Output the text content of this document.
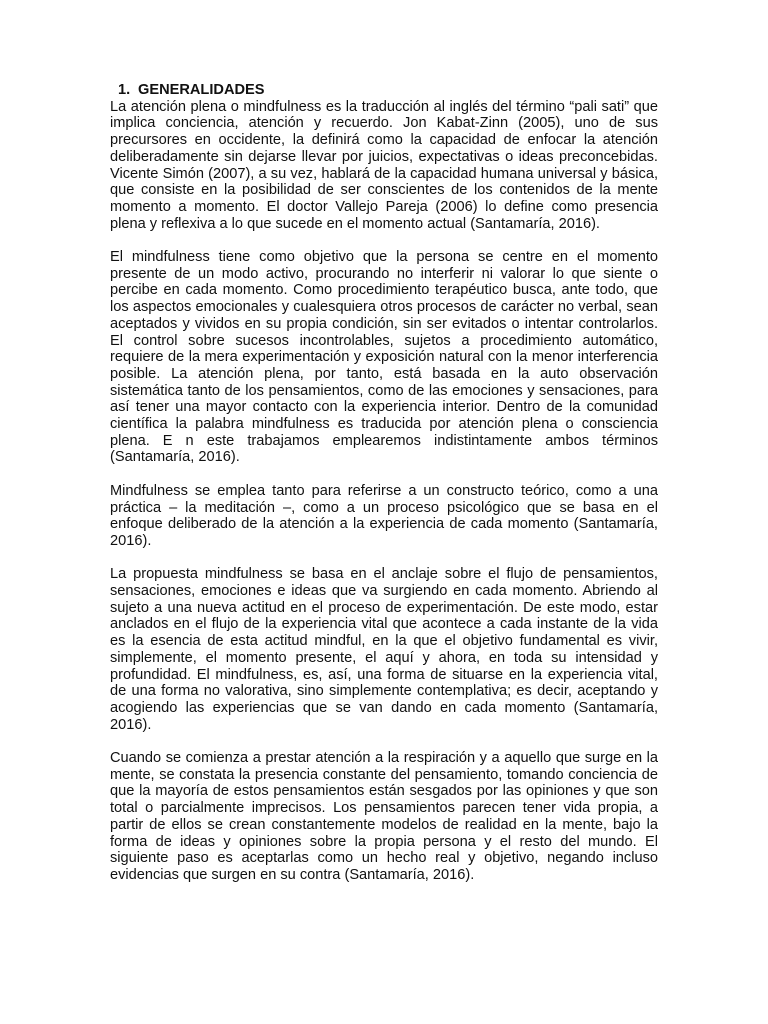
1. GENERALIDADES

La atención plena o mindfulness es la traducción al inglés del término “pali sati” que implica conciencia, atención y recuerdo. Jon Kabat-Zinn (2005), uno de sus precursores en occidente, la definirá como la capacidad de enfocar la atención deliberadamente sin dejarse llevar por juicios, expectativas o ideas preconcebidas. Vicente Simón (2007), a su vez, hablará de la capacidad humana universal y básica, que consiste en la posibilidad de ser conscientes de los contenidos de la mente momento a momento. El doctor Vallejo Pareja (2006) lo define como presencia plena y reflexiva a lo que sucede en el momento actual (Santamaría, 2016).

El mindfulness tiene como objetivo que la persona se centre en el momento presente de un modo activo, procurando no interferir ni valorar lo que siente o percibe en cada momento. Como procedimiento terapéutico busca, ante todo, que los aspectos emocionales y cualesquiera otros procesos de carácter no verbal, sean aceptados y vividos en su propia condición, sin ser evitados o intentar controlarlos. El control sobre sucesos incontrolables, sujetos a procedimiento automático, requiere de la mera experimentación y exposición natural con la menor interferencia posible. La atención plena, por tanto, está basada en la auto observación sistemática tanto de los pensamientos, como de las emociones y sensaciones, para así tener una mayor contacto con la experiencia interior. Dentro de la comunidad científica la palabra mindfulness es traducida por atención plena o consciencia plena. E n este trabajamos emplearemos indistintamente ambos términos (Santamaría, 2016).

Mindfulness se emplea tanto para referirse a un constructo teórico, como a una práctica – la meditación –, como a un proceso psicológico que se basa en el enfoque deliberado de la atención a la experiencia de cada momento (Santamaría, 2016).

La propuesta mindfulness se basa en el anclaje sobre el flujo de pensamientos, sensaciones, emociones e ideas que va surgiendo en cada momento. Abriendo al sujeto a una nueva actitud en el proceso de experimentación. De este modo, estar anclados en el flujo de la experiencia vital que acontece a cada instante de la vida es la esencia de esta actitud mindful, en la que el objetivo fundamental es vivir, simplemente, el momento presente, el aquí y ahora, en toda su intensidad y profundidad. El mindfulness, es, así, una forma de situarse en la experiencia vital, de una forma no valorativa, sino simplemente contemplativa; es decir, aceptando y acogiendo las experiencias que se van dando en cada momento (Santamaría, 2016).

Cuando se comienza a prestar atención a la respiración y a aquello que surge en la mente, se constata la presencia constante del pensamiento, tomando conciencia de que la mayoría de estos pensamientos están sesgados por las opiniones y que son total o parcialmente imprecisos. Los pensamientos parecen tener vida propia, a partir de ellos se crean constantemente modelos de realidad en la mente, bajo la forma de ideas y opiniones sobre la propia persona y el resto del mundo. El siguiente paso es aceptarlas como un hecho real y objetivo, negando incluso evidencias que surgen en su contra (Santamaría, 2016).
